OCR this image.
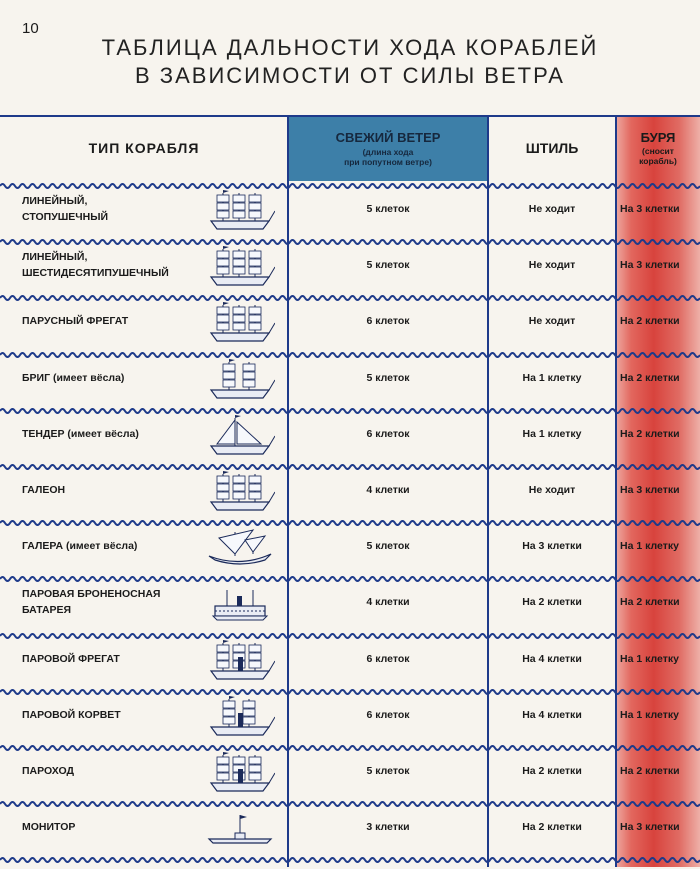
10
ТАБЛИЦА ДАЛЬНОСТИ ХОДА КОРАБЛЕЙ
В ЗАВИСИМОСТИ ОТ СИЛЫ ВЕТРА
ТИП КОРАБЛЯ
СВЕЖИЙ ВЕТЕР
(длина хода
при попутном ветре)
ШТИЛЬ
БУРЯ
(сносит
корабль)
ЛИНЕЙНЫЙ,
СТОПУШЕЧНЫЙ
5 клеток	Не ходит	На 3 клетки
ЛИНЕЙНЫЙ,
ШЕСТИДЕСЯТИПУШЕЧНЫЙ
5 клеток	Не ходит	На 3 клетки
ПАРУСНЫЙ ФРЕГАТ	6 клеток	Не ходит	На 2 клетки
БРИГ (имеет вёсла)	5 клеток	На 1 клетку	На 2 клетки
ТЕНДЕР (имеет вёсла)	6 клеток	На 1 клетку	На 2 клетки
ГАЛЕОН	4 клетки	Не ходит	На 3 клетки
ГАЛЕРА (имеет вёсла)	5 клеток	На 3 клетки	На 1 клетку
ПАРОВАЯ БРОНЕНОСНАЯ
БАТАРЕЯ
4 клетки	На 2 клетки	На 2 клетки
ПАРОВОЙ ФРЕГАТ	6 клеток	На 4 клетки	На 1 клетку
ПАРОВОЙ КОРВЕТ	6 клеток	На 4 клетки	На 1 клетку
ПАРОХОД	5 клеток	На 2 клетки	На 2 клетки
МОНИТОР	3 клетки	На 2 клетки	На 3 клетки
